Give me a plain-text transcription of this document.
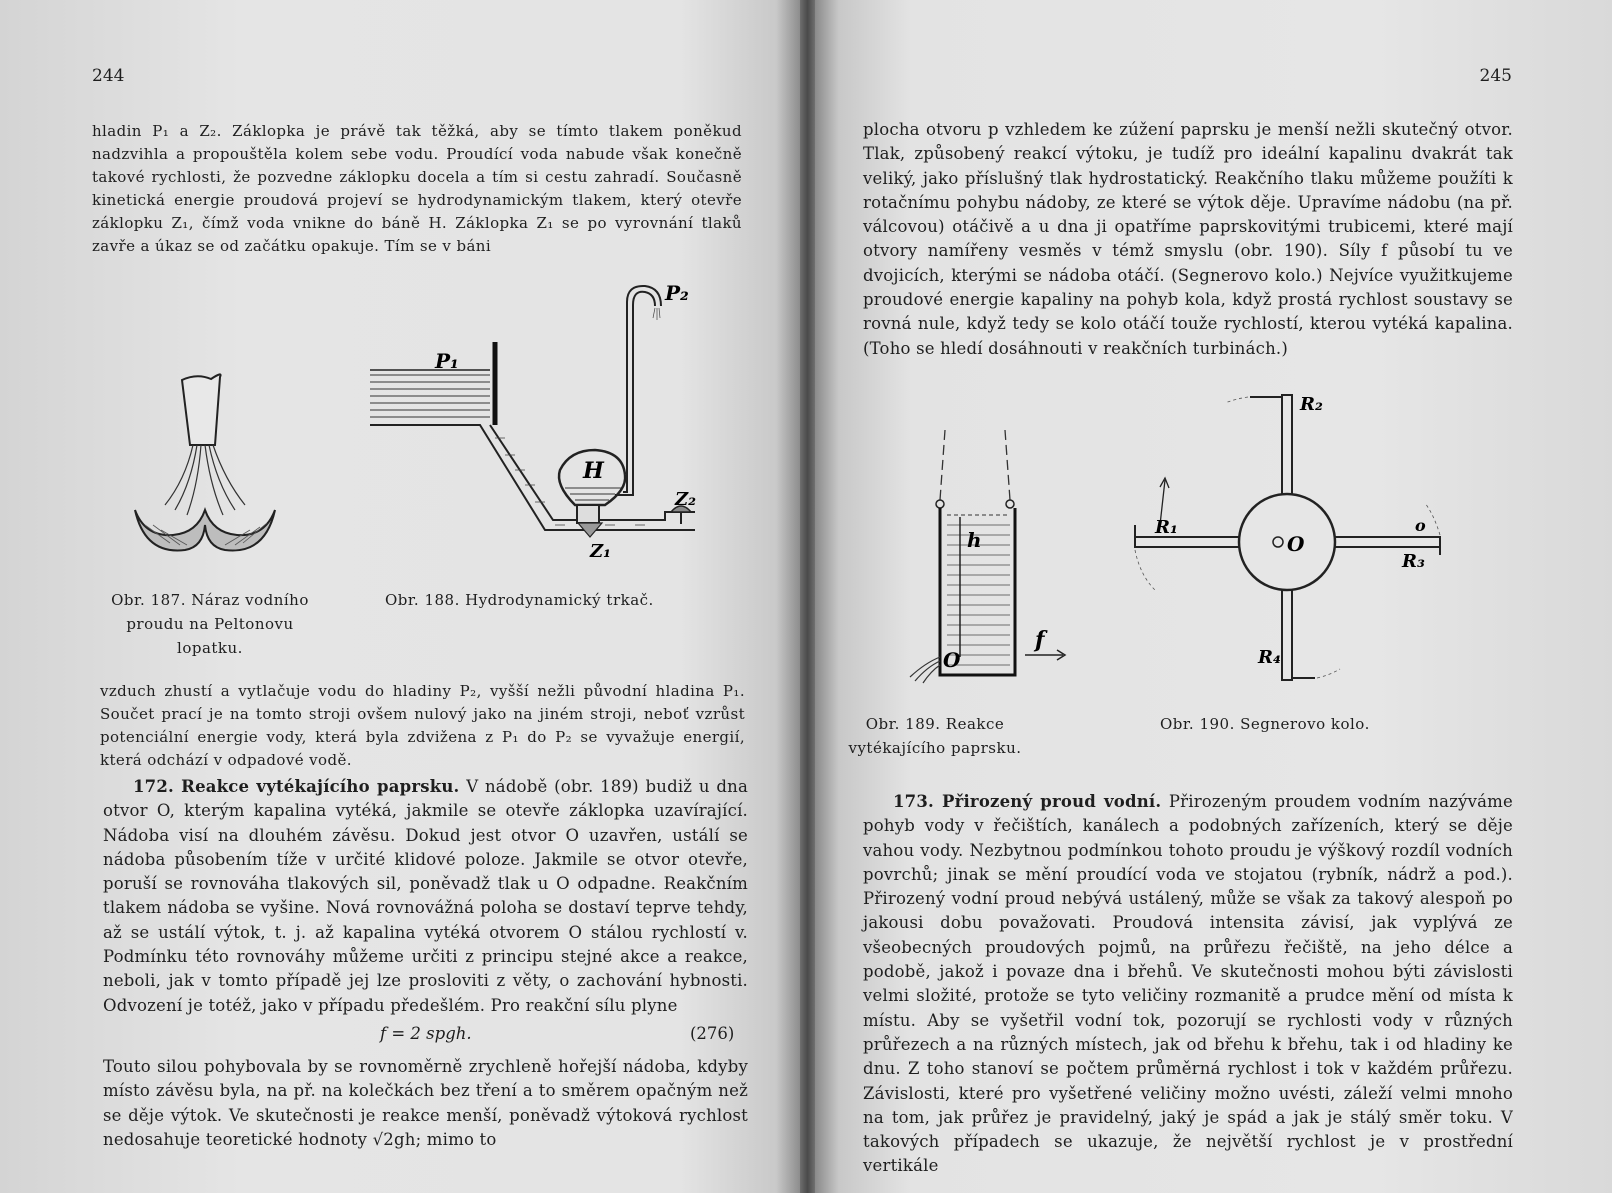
244

hladin P₁ a Z₂. Záklopka je právě tak těžká, aby se tímto tlakem poněkud nadzvihla a propouštěla kolem sebe vodu. Proudící voda nabude však konečně takové rychlosti, že pozvedne záklopku docela a tím si cestu zahradí. Současně kinetická energie proudová projeví se hydrodynamickým tlakem, který otevře záklopku Z₁, čímž voda vnikne do báně H. Záklopka Z₁ se po vyrovnání tlaků zavře a úkaz se od začátku opakuje. Tím se v báni

P₁
P₂
H
Z₂
Z₁
Obr. 187. Náraz vodního proudu na Peltonovu lopatku.
Obr. 188. Hydrodynamický trkač.

vzduch zhustí a vytlačuje vodu do hladiny P₂, vyšší nežli původní hladina P₁. Součet prací je na tomto stroji ovšem nulový jako na jiném stroji, neboť vzrůst potenciální energie vody, která byla zdvižena z P₁ do P₂ se vyvažuje energií, která odchází v odpadové vodě.

172. Reakce vytékajícího paprsku. V nádobě (obr. 189) budiž u dna otvor O, kterým kapalina vytéká, jakmile se otevře záklopka uzavírající. Nádoba visí na dlouhém závěsu. Dokud jest otvor O uzavřen, ustálí se nádoba působením tíže v určité klidové poloze. Jakmile se otvor otevře, poruší se rovnováha tlakových sil, poněvadž tlak u O odpadne. Reakčním tlakem nádoba se vyšine. Nová rovnovážná poloha se dostaví teprve tehdy, až se ustálí výtok, t. j. až kapalina vytéká otvorem O stálou rychlostí v. Podmínku této rovnováhy můžeme určiti z principu stejné akce a reakce, neboli, jak v tomto případě jej lze prosloviti z věty, o zachování hybnosti. Odvození je totéž, jako v případu předešlém. Pro reakční sílu plyne

f = 2 spgh.	(276)

Touto silou pohybovala by se rovnoměrně zrychleně hořejší nádoba, kdyby místo závěsu byla, na př. na kolečkách bez tření a to směrem opačným než se děje výtok. Ve skutečnosti je reakce menší, poněvadž výtoková rychlost nedosahuje teoretické hodnoty √2gh; mimo to

245

plocha otvoru p vzhledem ke zúžení paprsku je menší nežli skutečný otvor. Tlak, způsobený reakcí výtoku, je tudíž pro ideální kapalinu dvakrát tak veliký, jako příslušný tlak hydrostatický. Reakčního tlaku můžeme použíti k rotačnímu pohybu nádoby, ze které se výtok děje. Upravíme nádobu (na př. válcovou) otáčivě a u dna ji opatříme paprskovitými trubicemi, které mají otvory namířeny vesměs v témž smyslu (obr. 190). Síly f působí tu ve dvojicích, kterými se nádoba otáčí. (Segnerovo kolo.) Nejvíce využitkujeme proudové energie kapaliny na pohyb kola, když prostá rychlost soustavy se rovná nule, když tedy se kolo otáčí touže rychlostí, kterou vytéká kapalina. (Toho se hledí dosáhnouti v reakčních turbinách.)

h
O
f
R₂
R₁
O
o
R₃
R₄
Obr. 189. Reakce vytékajícího paprsku.
Obr. 190. Segnerovo kolo.

173. Přirozený proud vodní. Přirozeným proudem vodním nazýváme pohyb vody v řečištích, kanálech a podobných zařízeních, který se děje vahou vody. Nezbytnou podmínkou tohoto proudu je výškový rozdíl vodních povrchů; jinak se mění proudící voda ve stojatou (rybník, nádrž a pod.). Přirozený vodní proud nebývá ustálený, může se však za takový alespoň po jakousi dobu považovati. Proudová intensita závisí, jak vyplývá ze všeobecných proudových pojmů, na průřezu řečiště, na jeho délce a podobě, jakož i povaze dna i břehů. Ve skutečnosti mohou býti závislosti velmi složité, protože se tyto veličiny rozmanitě a prudce mění od místa k místu. Aby se vyšetřil vodní tok, pozorují se rychlosti vody v různých průřezech a na různých místech, jak od břehu k břehu, tak i od hladiny ke dnu. Z toho stanoví se počtem průměrná rychlost i tok v každém průřezu. Závislosti, které pro vyšetřené veličiny možno uvésti, záleží velmi mnoho na tom, jak průřez je pravidelný, jaký je spád a jak je stálý směr toku. V takových případech se ukazuje, že největší rychlost je v prostřední vertikále
